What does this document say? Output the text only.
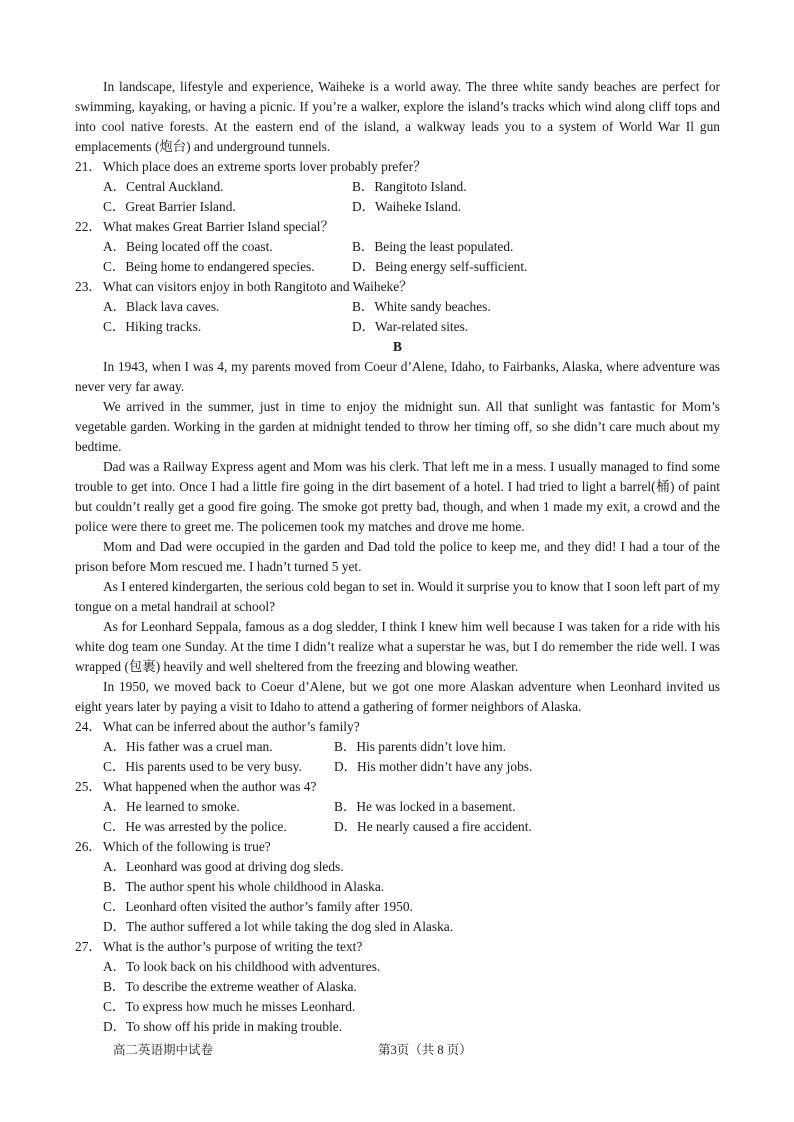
In landscape, lifestyle and experience, Waiheke is a world away. The three white sandy beaches are perfect for swimming, kayaking, or having a picnic. If you’re a walker, explore the island’s tracks which wind along cliff tops and into cool native forests. At the eastern end of the island, a walkway leads you to a system of World War Il gun emplacements (炮台) and underground tunnels.
21．Which place does an extreme sports lover probably prefer？
A．Central Auckland.	B．Rangitoto Island.
C．Great Barrier Island.	D．Waiheke Island.
22．What makes Great Barrier Island special？
A．Being located off the coast.	B．Being the least populated.
C．Being home to endangered species.	D．Being energy self-sufficient.
23．What can visitors enjoy in both Rangitoto and Waiheke？
A．Black lava caves.	B．White sandy beaches.
C．Hiking tracks.	D．War-related sites.
B
In 1943, when I was 4, my parents moved from Coeur d’Alene, Idaho, to Fairbanks, Alaska, where adventure was never very far away.
We arrived in the summer, just in time to enjoy the midnight sun. All that sunlight was fantastic for Mom’s vegetable garden. Working in the garden at midnight tended to throw her timing off, so she didn’t care much about my bedtime.
Dad was a Railway Express agent and Mom was his clerk. That left me in a mess. I usually managed to find some trouble to get into. Once I had a little fire going in the dirt basement of a hotel. I had tried to light a barrel(桶) of paint but couldn’t really get a good fire going. The smoke got pretty bad, though, and when 1 made my exit, a crowd and the police were there to greet me. The policemen took my matches and drove me home.
Mom and Dad were occupied in the garden and Dad told the police to keep me, and they did! I had a tour of the prison before Mom rescued me. I hadn’t turned 5 yet.
As I entered kindergarten, the serious cold began to set in. Would it surprise you to know that I soon left part of my tongue on a metal handrail at school?
As for Leonhard Seppala, famous as a dog sledder, I think I knew him well because I was taken for a ride with his white dog team one Sunday. At the time I didn’t realize what a superstar he was, but I do remember the ride well. I was wrapped (包裹) heavily and well sheltered from the freezing and blowing weather.
In 1950, we moved back to Coeur d’Alene, but we got one more Alaskan adventure when Leonhard invited us eight years later by paying a visit to Idaho to attend a gathering of former neighbors of Alaska.
24．What can be inferred about the author’s family?
A．His father was a cruel man.	B．His parents didn’t love him.
C．His parents used to be very busy. D．His mother didn’t have any jobs.
25．What happened when the author was 4?
A．He learned to smoke.	B．He was locked in a basement.
C．He was arrested by the police.	D．He nearly caused a fire accident.
26．Which of the following is true?
A．Leonhard was good at driving dog sleds.
B．The author spent his whole childhood in Alaska.
C．Leonhard often visited the author’s family after 1950.
D．The author suffered a lot while taking the dog sled in Alaska.
27．What is the author’s purpose of writing the text?
A．To look back on his childhood with adventures.
B．To describe the extreme weather of Alaska.
C．To express how much he misses Leonhard.
D．To show off his pride in making trouble.
高二英语期中试卷	第3页（共 8 页）
